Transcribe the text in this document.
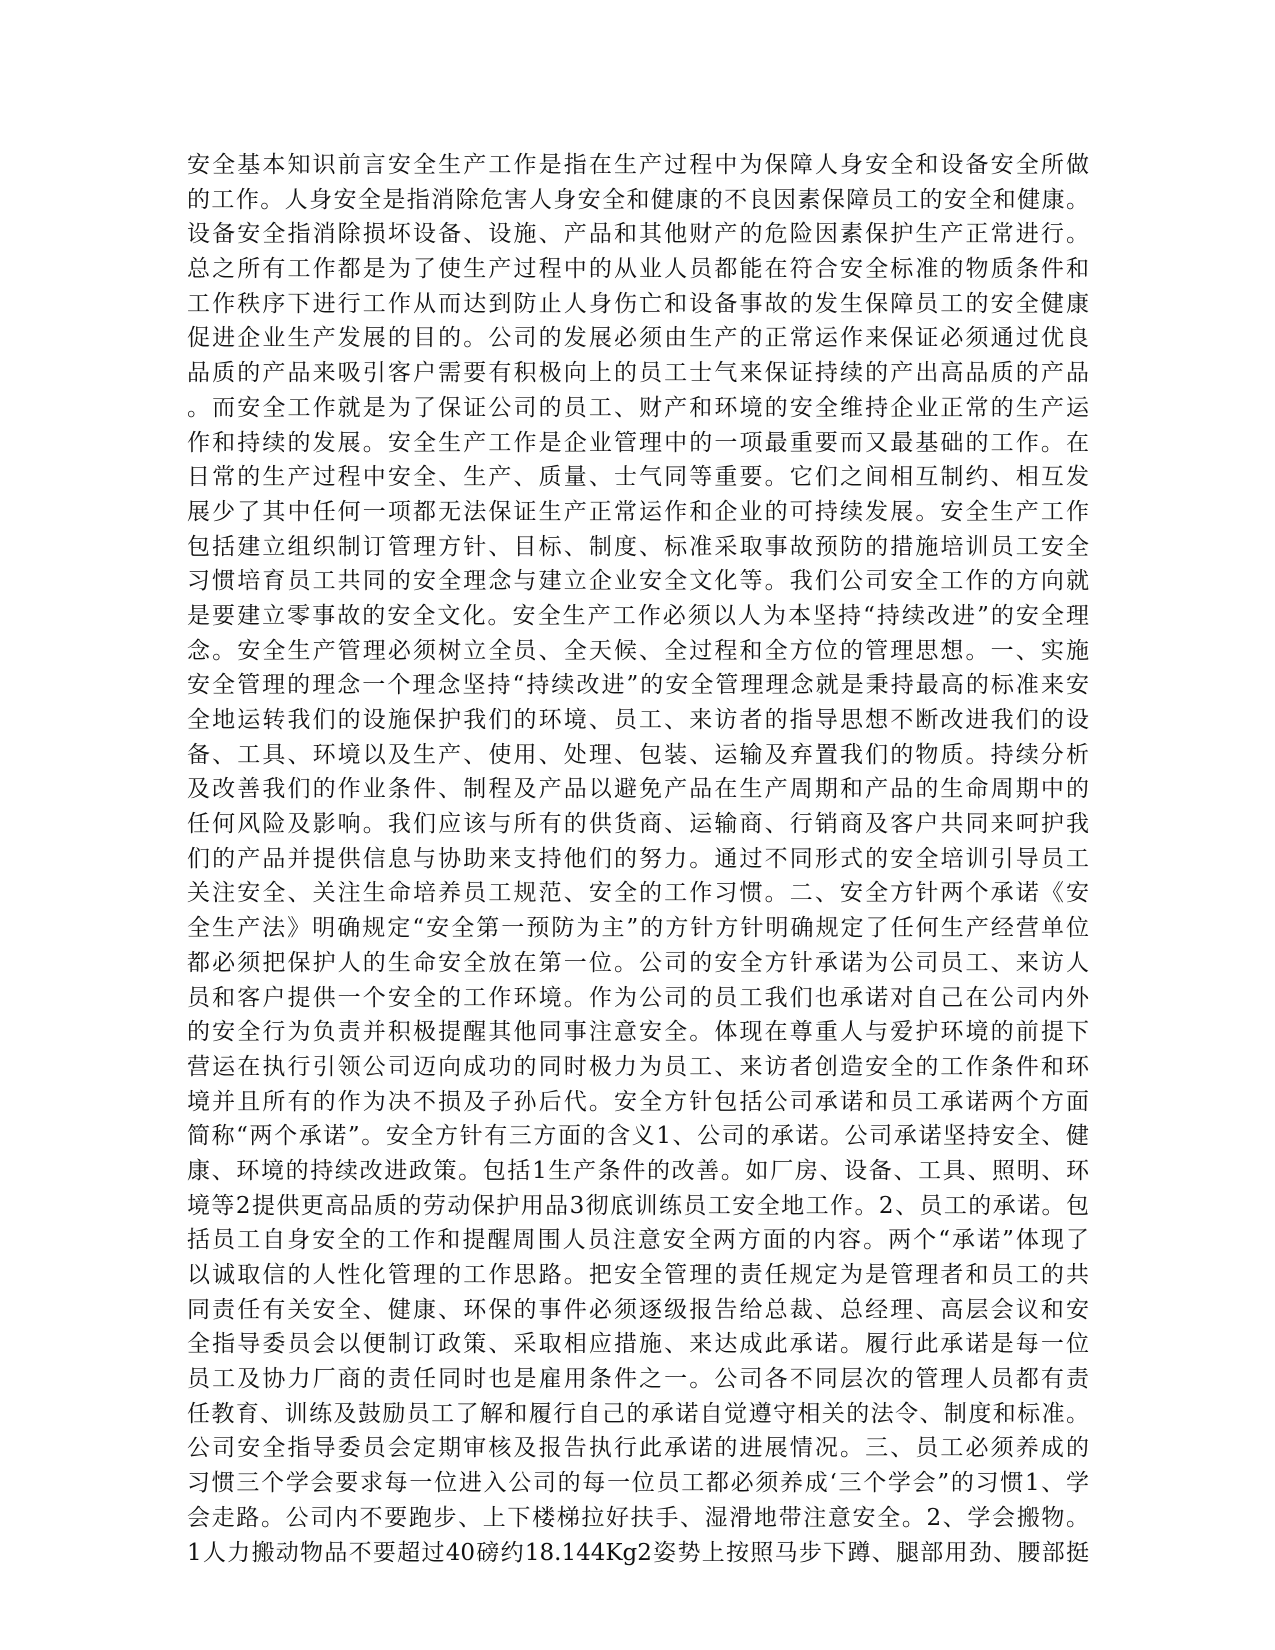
安全基本知识前言安全生产工作是指在生产过程中为保障人身安全和设备安全所做
的工作。人身安全是指消除危害人身安全和健康的不良因素保障员工的安全和健康。
设备安全指消除损坏设备、设施、产品和其他财产的危险因素保护生产正常进行。
总之所有工作都是为了使生产过程中的从业人员都能在符合安全标准的物质条件和
工作秩序下进行工作从而达到防止人身伤亡和设备事故的发生保障员工的安全健康
促进企业生产发展的目的。公司的发展必须由生产的正常运作来保证必须通过优良
品质的产品来吸引客户需要有积极向上的员工士气来保证持续的产出高品质的产品
。而安全工作就是为了保证公司的员工、财产和环境的安全维持企业正常的生产运
作和持续的发展。安全生产工作是企业管理中的一项最重要而又最基础的工作。在
日常的生产过程中安全、生产、质量、士气同等重要。它们之间相互制约、相互发
展少了其中任何一项都无法保证生产正常运作和企业的可持续发展。安全生产工作
包括建立组织制订管理方针、目标、制度、标准采取事故预防的措施培训员工安全
习惯培育员工共同的安全理念与建立企业安全文化等。我们公司安全工作的方向就
是要建立零事故的安全文化。安全生产工作必须以人为本坚持“持续改进”的安全理
念。安全生产管理必须树立全员、全天候、全过程和全方位的管理思想。一、实施
安全管理的理念一个理念坚持“持续改进”的安全管理理念就是秉持最高的标准来安
全地运转我们的设施保护我们的环境、员工、来访者的指导思想不断改进我们的设
备、工具、环境以及生产、使用、处理、包装、运输及弃置我们的物质。持续分析
及改善我们的作业条件、制程及产品以避免产品在生产周期和产品的生命周期中的
任何风险及影响。我们应该与所有的供货商、运输商、行销商及客户共同来呵护我
们的产品并提供信息与协助来支持他们的努力。通过不同形式的安全培训引导员工
关注安全、关注生命培养员工规范、安全的工作习惯。二、安全方针两个承诺《安
全生产法》明确规定“安全第一预防为主”的方针方针明确规定了任何生产经营单位
都必须把保护人的生命安全放在第一位。公司的安全方针承诺为公司员工、来访人
员和客户提供一个安全的工作环境。作为公司的员工我们也承诺对自己在公司内外
的安全行为负责并积极提醒其他同事注意安全。体现在尊重人与爱护环境的前提下
营运在执行引领公司迈向成功的同时极力为员工、来访者创造安全的工作条件和环
境并且所有的作为决不损及子孙后代。安全方针包括公司承诺和员工承诺两个方面
简称“两个承诺”。安全方针有三方面的含义1、公司的承诺。公司承诺坚持安全、健
康、环境的持续改进政策。包括1生产条件的改善。如厂房、设备、工具、照明、环
境等2提供更高品质的劳动保护用品3彻底训练员工安全地工作。2、员工的承诺。包
括员工自身安全的工作和提醒周围人员注意安全两方面的内容。两个“承诺”体现了
以诚取信的人性化管理的工作思路。把安全管理的责任规定为是管理者和员工的共
同责任有关安全、健康、环保的事件必须逐级报告给总裁、总经理、高层会议和安
全指导委员会以便制订政策、采取相应措施、来达成此承诺。履行此承诺是每一位
员工及协力厂商的责任同时也是雇用条件之一。公司各不同层次的管理人员都有责
任教育、训练及鼓励员工了解和履行自己的承诺自觉遵守相关的法令、制度和标准。
公司安全指导委员会定期审核及报告执行此承诺的进展情况。三、员工必须养成的
习惯三个学会要求每一位进入公司的每一位员工都必须养成‘三个学会”的习惯1、学
会走路。公司内不要跑步、上下楼梯拉好扶手、湿滑地带注意安全。2、学会搬物。
1人力搬动物品不要超过40磅约18.144Kg2姿势上按照马步下蹲、腿部用劲、腰部挺
